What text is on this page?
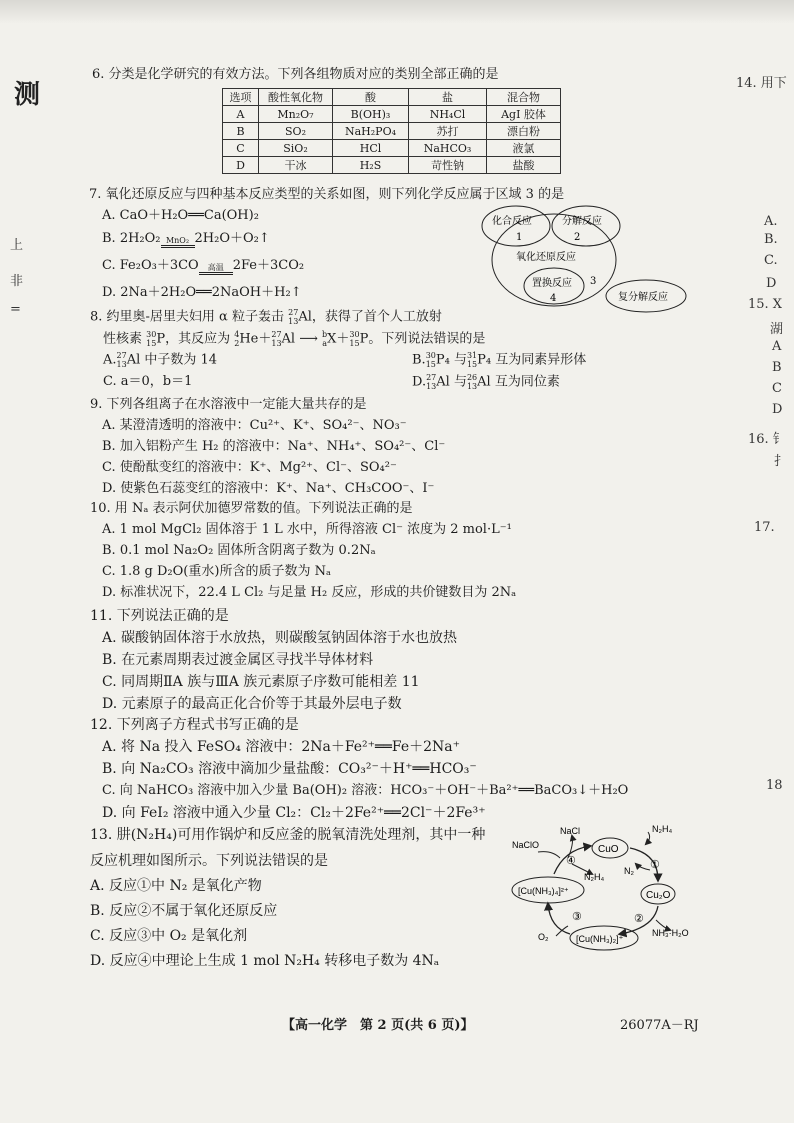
测
上
非
=
6. 分类是化学研究的有效方法。下列各组物质对应的类别全部正确的是
选项	酸性氧化物	酸	盐	混合物
A	Mn₂O₇	B(OH)₃	NH₄Cl	AgI 胶体
B	SO₂	NaH₂PO₄	苏打	漂白粉
C	SiO₂	HCl	NaHCO₃	液氯
D	干冰	H₂S	苛性钠	盐酸
7. 氧化还原反应与四种基本反应类型的关系如图，则下列化学反应属于区域 3 的是
A. CaO＋H₂O══Ca(OH)₂
B. 2H₂O₂ MnO₂ 2H₂O＋O₂↑
C. Fe₂O₃＋3CO	高温 2Fe＋3CO₂
D. 2Na＋2H₂O══2NaOH＋H₂↑
化合反应	分解反应
1	2
氧化还原反应
置换反应
4
3
复分解反应
8. 约里奥-居里夫妇用 α 粒子轰击 27
13 Al，获得了首个人工放射
性核素 30
15 P，其反应为 4
2 He＋ 27
13 Al ⟶ b
a X＋ 30
15 P。下列说法错误的是
A. 27
13 Al 中子数为 14	B. 30
15 P₄ 与 31
15 P₄ 互为同素异形体
C. a＝0，b＝1	D. 27
13 Al 与 26
13 Al 互为同位素
9. 下列各组离子在水溶液中一定能大量共存的是
A. 某澄清透明的溶液中：Cu²⁺、K⁺、SO₄²⁻、NO₃⁻
B. 加入铝粉产生 H₂ 的溶液中：Na⁺、NH₄⁺、SO₄²⁻、Cl⁻
C. 使酚酞变红的溶液中：K⁺、Mg²⁺、Cl⁻、SO₄²⁻
D. 使紫色石蕊变红的溶液中：K⁺、Na⁺、CH₃COO⁻、I⁻
10. 用 Nₐ 表示阿伏加德罗常数的值。下列说法正确的是
A. 1 mol MgCl₂ 固体溶于 1 L 水中，所得溶液 Cl⁻ 浓度为 2 mol·L⁻¹
B. 0.1 mol Na₂O₂ 固体所含阴离子数为 0.2Nₐ
C. 1.8 g D₂O(重水)所含的质子数为 Nₐ
D. 标准状况下，22.4 L Cl₂ 与足量 H₂ 反应，形成的共价键数目为 2Nₐ
11. 下列说法正确的是
A. 碳酸钠固体溶于水放热，则碳酸氢钠固体溶于水也放热
B. 在元素周期表过渡金属区寻找半导体材料
C. 同周期ⅡA 族与ⅢA 族元素原子序数可能相差 11
D. 元素原子的最高正化合价等于其最外层电子数
12. 下列离子方程式书写正确的是
A. 将 Na 投入 FeSO₄ 溶液中：2Na＋Fe²⁺══Fe＋2Na⁺
B. 向 Na₂CO₃ 溶液中滴加少量盐酸：CO₃²⁻＋H⁺══HCO₃⁻
C. 向 NaHCO₃ 溶液中加入少量 Ba(OH)₂ 溶液：HCO₃⁻＋OH⁻＋Ba²⁺══BaCO₃↓＋H₂O
D. 向 FeI₂ 溶液中通入少量 Cl₂：Cl₂＋2Fe²⁺══2Cl⁻＋2Fe³⁺
13. 肼(N₂H₄)可用作锅炉和反应釜的脱氧清洗处理剂，其中一种
反应机理如图所示。下列说法错误的是
A. 反应①中 N₂ 是氧化产物
B. 反应②不属于氧化还原反应
C. 反应③中 O₂ 是氧化剂
D. 反应④中理论上生成 1 mol N₂H₄ 转移电子数为 4Nₐ
CuO
Cu₂O
[Cu(NH₃)₄]²⁺
[Cu(NH₃)₂]⁺
NaClO
NaCl	N₂H₄
N₂
N₂H₄
NH₃·H₂O
O₂
①
②
③
④
14. 用下
A.
B.
C.
D
15. X
湖
A
B
C
D
16. 钅
扌
17.
18
【高一化学　第 2 页(共 6 页)】	26077A－RJ
